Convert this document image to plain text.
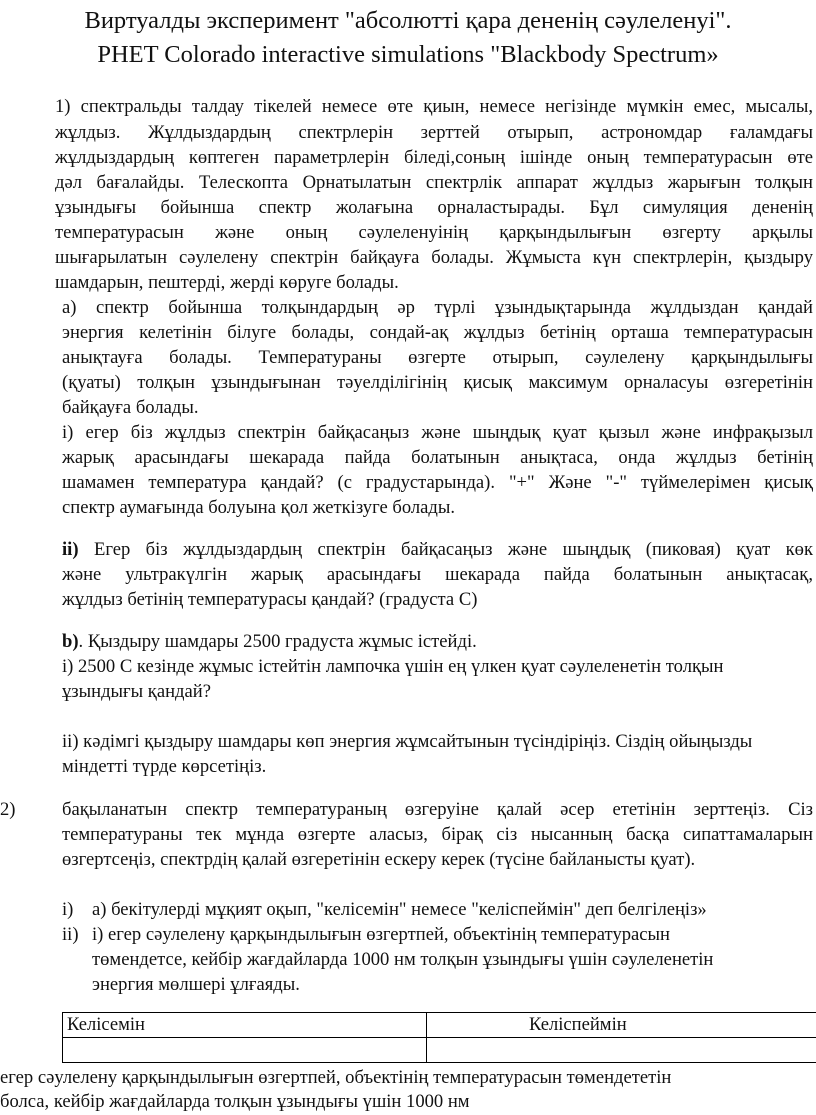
Виртуалды эксперимент "абсолютті қара дененің сәулеленуі".
PHET Colorado interactive simulations "Blackbody Spectrum»
1) спектральды талдау тікелей немесе өте қиын, немесе негізінде мүмкін емес, мысалы,
жұлдыз. Жұлдыздардың спектрлерін зерттей отырып, астрономдар ғаламдағы
жұлдыздардың көптеген параметрлерін біледі,соның ішінде оның температурасын өте
дәл бағалайды. Телескопта Орнатылатын спектрлік аппарат жұлдыз жарығын толқын
ұзындығы бойынша спектр жолағына орналастырады. Бұл симуляция дененің
температурасын және оның сәулеленуінің қарқындылығын өзгерту арқылы
шығарылатын сәулелену спектрін байқауға болады. Жұмыста күн спектрлерін, қыздыру
шамдарын, пештерді, жерді көруге болады.
а) спектр бойынша толқындардың әр түрлі ұзындықтарында жұлдыздан қандай
энергия келетінін білуге болады, сондай-ақ жұлдыз бетінің орташа температурасын
анықтауға болады. Температураны өзгерте отырып, сәулелену қарқындылығы
(қуаты) толқын ұзындығынан тәуелділігінің қисық максимум орналасуы өзгеретінін
байқауға болады.
і) егер біз жұлдыз спектрін байқасаңыз және шыңдық қуат қызыл және инфрақызыл
жарық арасындағы шекарада пайда болатынын анықтаса, онда жұлдыз бетінің
шамамен температура қандай? (с градустарында). "+" Және "-" түймелерімен қисық
спектр аумағында болуына қол жеткізуге болады.
ii) Егер біз жұлдыздардың спектрін байқасаңыз және шыңдық (пиковая) қуат көк
және ультракүлгін жарық арасындағы шекарада пайда болатынын анықтасақ,
жұлдыз бетінің температурасы қандай? (градуста С)
b). Қыздыру шамдары 2500 градуста жұмыс істейді.
і) 2500 С кезінде жұмыс істейтін лампочка үшін ең үлкен қуат сәулеленетін толқын
ұзындығы қандай?
іі) кәдімгі қыздыру шамдары көп энергия жұмсайтынын түсіндіріңіз. Сіздің ойыңызды
міндетті түрде көрсетіңіз.
2)	бақыланатын спектр температураның өзгеруіне қалай әсер ететінін зерттеңіз. Сіз
температураны тек мұнда өзгерте аласыз, бірақ сіз нысанның басқа сипаттамаларын
өзгертсеңіз, спектрдің қалай өзгеретінін ескеру керек (түсіне байланысты қуат).
i) а) бекітулерді мұқият оқып, "келісемін" немесе "келіспеймін" деп белгілеңіз»
ii) і) егер сәулелену қарқындылығын өзгертпей, объектінің температурасын
төмендетсе, кейбір жағдайларда 1000 нм толқын ұзындығы үшін сәулеленетін
энергия мөлшері ұлғаяды.
Келісемін	Келіспеймін

егер сәулелену қарқындылығын өзгертпей, объектінің температурасын төмендететін
болса, кейбір жағдайларда толқын ұзындығы үшін 1000 нм
